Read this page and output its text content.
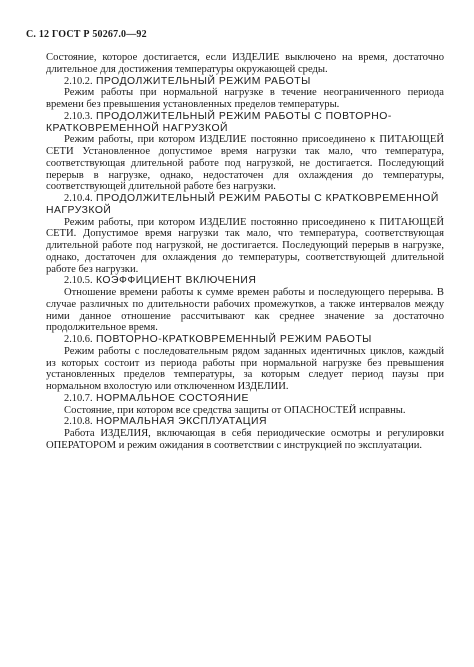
С. 12 ГОСТ Р 50267.0—92

Состояние, которое достигается, если ИЗДЕЛИЕ выключено на время, достаточно длительное для достижения температуры окружающей среды.

2.10.2. ПРОДОЛЖИТЕЛЬНЫЙ РЕЖИМ РАБОТЫ

Режим работы при нормальной нагрузке в течение неограниченного периода времени без превышения установленных пределов температуры.

2.10.3. ПРОДОЛЖИТЕЛЬНЫЙ РЕЖИМ РАБОТЫ С ПОВТОРНО-КРАТКОВРЕМЕННОЙ НАГРУЗКОЙ

Режим работы, при котором ИЗДЕЛИЕ постоянно присоединено к ПИТАЮЩЕЙ СЕТИ Установленное допустимое время нагрузки так мало, что температура, соответствующая длительной работе под нагрузкой, не достигается. Последующий перерыв в нагрузке, однако, недостаточен для охлаждения до температуры, соответствующей длительной работе без нагрузки.

2.10.4. ПРОДОЛЖИТЕЛЬНЫЙ РЕЖИМ РАБОТЫ С КРАТКОВРЕМЕННОЙ НАГРУЗКОЙ

Режим работы, при котором ИЗДЕЛИЕ постоянно присоединено к ПИТАЮЩЕЙ СЕТИ. Допустимое время нагрузки так мало, что температура, соответствующая длительной работе под нагрузкой, не достигается. Последующий перерыв в нагрузке, однако, достаточен для охлаждения до температуры, соответствующей длительной работе без нагрузки.

2.10.5. КОЭФФИЦИЕНТ ВКЛЮЧЕНИЯ

Отношение времени работы к сумме времен работы и последующего перерыва. В случае различных по длительности рабочих промежутков, а также интервалов между ними данное отношение рассчитывают как среднее значение за достаточно продолжительное время.

2.10.6. ПОВТОРНО-КРАТКОВРЕМЕННЫЙ РЕЖИМ РАБОТЫ

Режим работы с последовательным рядом заданных идентичных циклов, каждый из которых состоит из периода работы при нормальной нагрузке без превышения установленных пределов температуры, за которым следует период паузы при нормальном вхолостую или отключенном ИЗДЕЛИИ.

2.10.7. НОРМАЛЬНОЕ СОСТОЯНИЕ

Состояние, при котором все средства защиты от ОПАСНОСТЕЙ исправны.

2.10.8. НОРМАЛЬНАЯ ЭКСПЛУАТАЦИЯ

Работа ИЗДЕЛИЯ, включающая в себя периодические осмотры и регулировки ОПЕРАТОРОМ и режим ожидания в соответствии с инструкцией по эксплуатации.
